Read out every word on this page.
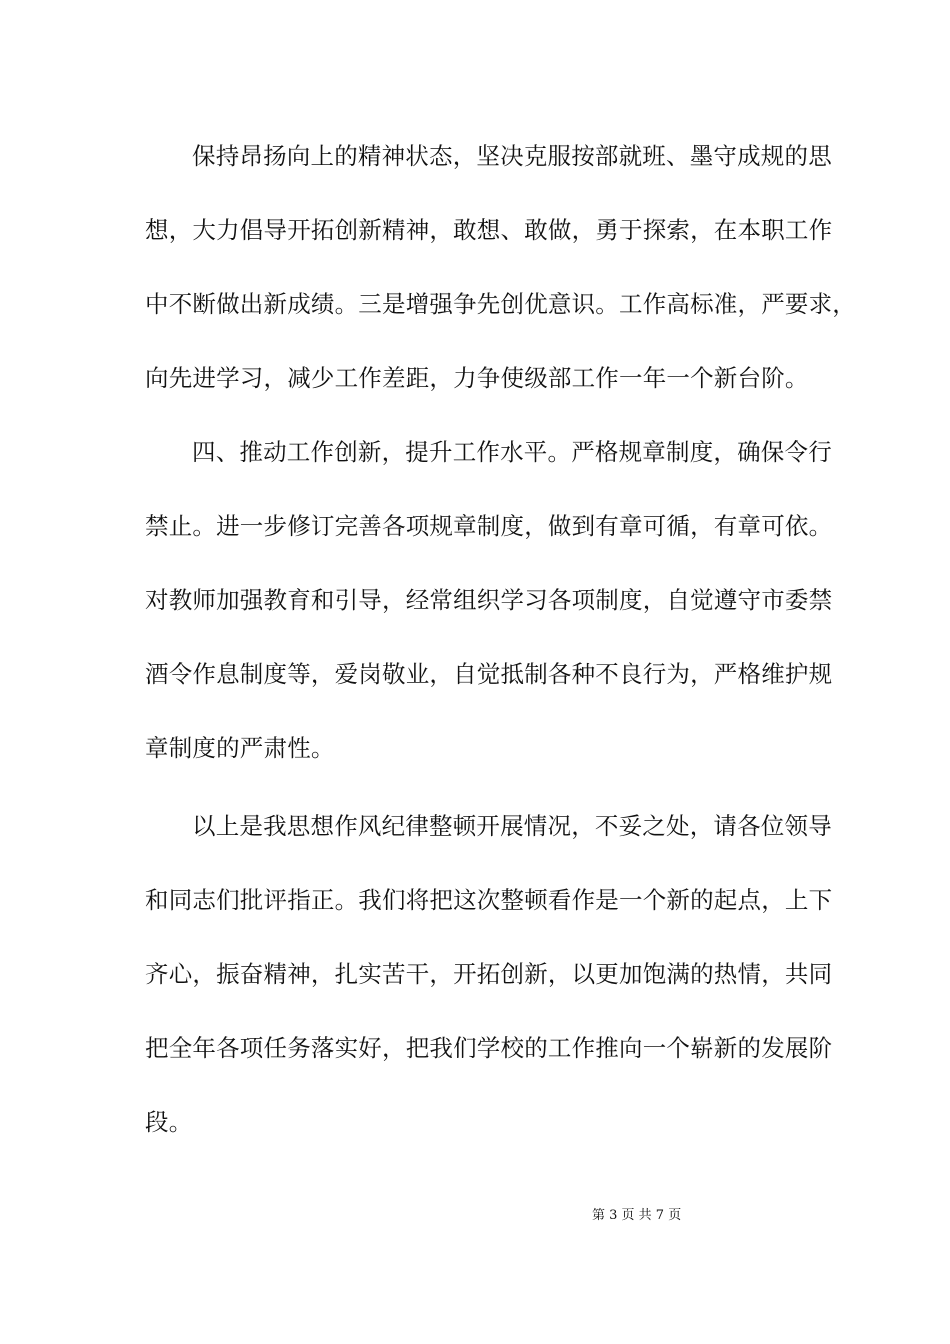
保持昂扬向上的精神状态，坚决克服按部就班、墨守成规的思
想，大力倡导开拓创新精神，敢想、敢做，勇于探索，在本职工作
中不断做出新成绩。三是增强争先创优意识。工作高标准，严要求，
向先进学习，减少工作差距，力争使级部工作一年一个新台阶。
四、推动工作创新，提升工作水平。严格规章制度，确保令行
禁止。进一步修订完善各项规章制度，做到有章可循，有章可依。
对教师加强教育和引导，经常组织学习各项制度，自觉遵守市委禁
酒令作息制度等，爱岗敬业，自觉抵制各种不良行为，严格维护规
章制度的严肃性。
以上是我思想作风纪律整顿开展情况，不妥之处，请各位领导
和同志们批评指正。我们将把这次整顿看作是一个新的起点，上下
齐心，振奋精神，扎实苦干，开拓创新，以更加饱满的热情，共同
把全年各项任务落实好，把我们学校的工作推向一个崭新的发展阶
段。
第 3 页 共 7 页
